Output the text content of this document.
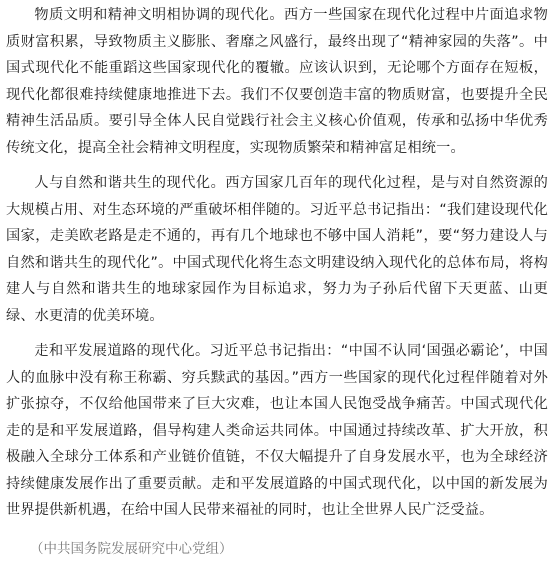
物质文明和精神文明相协调的现代化。西方一些国家在现代化过程中片面追求物质财富积累，导致物质主义膨胀、奢靡之风盛行，最终出现了“精神家园的失落”。中国式现代化不能重蹈这些国家现代化的覆辙。应该认识到，无论哪个方面存在短板，现代化都很难持续健康地推进下去。我们不仅要创造丰富的物质财富，也要提升全民精神生活品质。要引导全体人民自觉践行社会主义核心价值观，传承和弘扬中华优秀传统文化，提高全社会精神文明程度，实现物质繁荣和精神富足相统一。

人与自然和谐共生的现代化。西方国家几百年的现代化过程，是与对自然资源的大规模占用、对生态环境的严重破坏相伴随的。习近平总书记指出：“我们建设现代化国家，走美欧老路是走不通的，再有几个地球也不够中国人消耗”，要“努力建设人与自然和谐共生的现代化”。中国式现代化将生态文明建设纳入现代化的总体布局，将构建人与自然和谐共生的地球家园作为目标追求，努力为子孙后代留下天更蓝、山更绿、水更清的优美环境。

走和平发展道路的现代化。习近平总书记指出：“中国不认同‘国强必霸论’，中国人的血脉中没有称王称霸、穷兵黩武的基因。”西方一些国家的现代化过程伴随着对外扩张掠夺，不仅给他国带来了巨大灾难，也让本国人民饱受战争痛苦。中国式现代化走的是和平发展道路，倡导构建人类命运共同体。中国通过持续改革、扩大开放，积极融入全球分工体系和产业链价值链，不仅大幅提升了自身发展水平，也为全球经济持续健康发展作出了重要贡献。走和平发展道路的中国式现代化，以中国的新发展为世界提供新机遇，在给中国人民带来福祉的同时，也让全世界人民广泛受益。

（中共国务院发展研究中心党组）
